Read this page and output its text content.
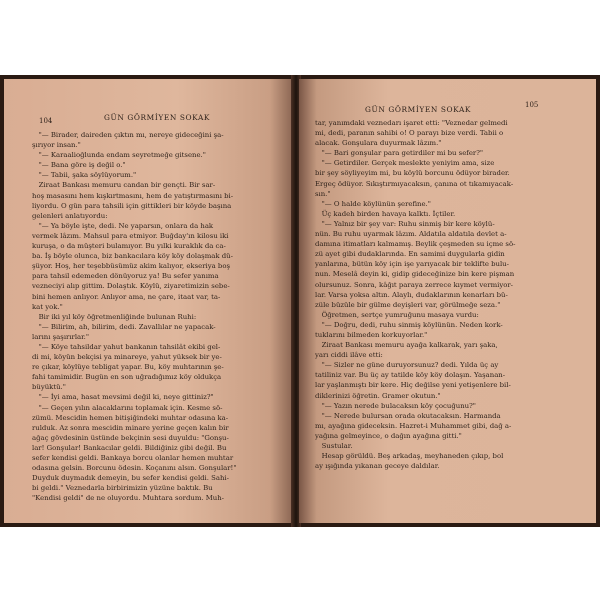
104	GÜN GÖRMİYEN SOKAK
"— Birader, daireden çıktın mı, nereye gideceğini şa-
şırıyor insan."
"— Karaalioğlunda endam seyretmeğe gitsene."
"— Bana göre iş değil o."
"— Tabii, şaka söylüyorum."
Ziraat Bankası memuru candan bir gençti. Bir sar-
hoş masasını hem kışkırtmasını, hem de yatıştırmasını bi-
liyordu. O gün para tahsili için gittikleri bir köyde başına
gelenleri anlatıyordu:
"— Ya böyle işte, dedi. Ne yaparsın, onlara da hak
vermek lâzım. Mahsul para etmiyor. Buğday'ın kilosu iki
kuruşa, o da müşteri bulamıyor. Bu yılki kuraklık da ca-
ba. İş böyle olunca, biz bankacılara köy köy dolaşmak dü-
şüyor. Hoş, her teşebbüsümüz akim kalıyor, ekseriya boş
para tahsil edemeden dönüyoruz ya! Bu sefer yanıma
vezneciyi alıp gittim. Dolaştık. Köylü, ziyaretimizin sebe-
bini hemen anlıyor. Anlıyor ama, ne çare, itaat var, ta-
kat yok."
Bir iki yıl köy öğretmenliğinde bulunan Ruhi:
"— Bilirim, ah, bilirim, dedi. Zavallılar ne yapacak-
larını şaşırırlar."
"— Köye tahsildar yahut bankanın tahsilât ekibi gel-
di mi, köyün bekçisi ya minareye, yahut yüksek bir ye-
re çıkar, köylüye tebligat yapar. Bu, köy muhtarının şe-
fahi tamimidir. Bugün en son uğradığımız köy oldukça
büyüktü."
"— İyi ama, hasat mevsimi değil ki, neye gittiniz?"
"— Geçen yılın alacaklarını toplamak için. Kesme sö-
zümü. Mescidin hemen bitişiğindeki muhtar odasına ka-
rulduk. Az sonra mescidin minare yerine geçen kalın bir
ağaç gövdesinin üstünde bekçinin sesi duyuldu: "Gonşu-
lar! Gonşular! Bankacılar geldi. Bildiğiniz gibi değil. Bu
sefer kendisi geldi. Bankaya borcu olanlar hemen muhtar
odasına gelsin. Borcunu ödesin. Koçanını alsın. Gonşular!"
Duyduk duymadık demeyin, bu sefer kendisi geldi. Sahi-
bi geldi." Veznedarla birbirimizin yüzüne baktık. Bu
"Kendisi geldi" de ne oluyordu. Muhtara sordum. Muh-
GÜN GÖRMİYEN SOKAK	105
tar, yanımdaki veznedarı işaret etti: "Veznedar gelmedi
mi, dedi, paranın sahibi o! O parayı bize verdi. Tabii o
alacak. Gonşulara duyurmak lâzım."
"— Bari gonşular para getirdiler mi bu sefer?"
"— Getirdiler. Gerçek meslekte yeniyim ama, size
bir şey söyliyeyim mi, bu köylü borcunu ödüyor birader.
Ergeç ödüyor. Sıkıştırmıyacaksın, çanına ot tıkamıyacak-
sın."
"— O halde köylünün şerefine."
Üç kadeh birden havaya kalktı. İçtiler.
"— Yalnız bir şey var: Ruhu sinmiş bir kere köylü-
nün. Bu ruhu uyarmak lâzım. Aldatıla aldatıla devlet a-
damına itimatları kalmamış. Beylik çeşmeden su içme sö-
zü ayet gibi dudaklarında. En samimi duygularla gidin
yanlarına, bütün köy için işe yarıyacak bir teklifte bulu-
nun. Meselâ deyin ki, gidip gideceğinize bin kere pişman
olursunuz. Sonra, kâğıt paraya zerrece kıymet vermiyor-
lar. Varsa yoksa altın. Alaylı, dudaklarının kenarları bü-
züle büzüle bir gülme deyişleri var, görülmeğe seza."
Öğretmen, sertçe yumruğunu masaya vurdu:
"— Doğru, dedi, ruhu sinmiş köylünün. Neden kork-
tuklarını bilmeden korkuyorlar."
Ziraat Bankası memuru ayağa kalkarak, yarı şaka,
yarı ciddi ilâve etti:
"— Sizler ne güne duruyorsunuz? dedi. Yılda üç ay
tatiliniz var. Bu üç ay tatilde köy köy dolaşın. Yaşanan-
lar yaşlanmıştı bir kere. Hiç değilse yeni yetişenlere bil-
diklerinizi öğretin. Gramer okutun."
"— Yazın nerede bulacaksın köy çocuğunu?"
"— Nerede bulursan orada okutacaksın. Harmanda
mı, ayağına gideceksin. Hazret-i Muhammet gibi, dağ a-
yağına gelmeyince, o dağın ayağına gitti."
Sustular.
Hesap görüldü. Beş arkadaş, meyhaneden çıkıp, bol
ay ışığında yıkanan geceye daldılar.
